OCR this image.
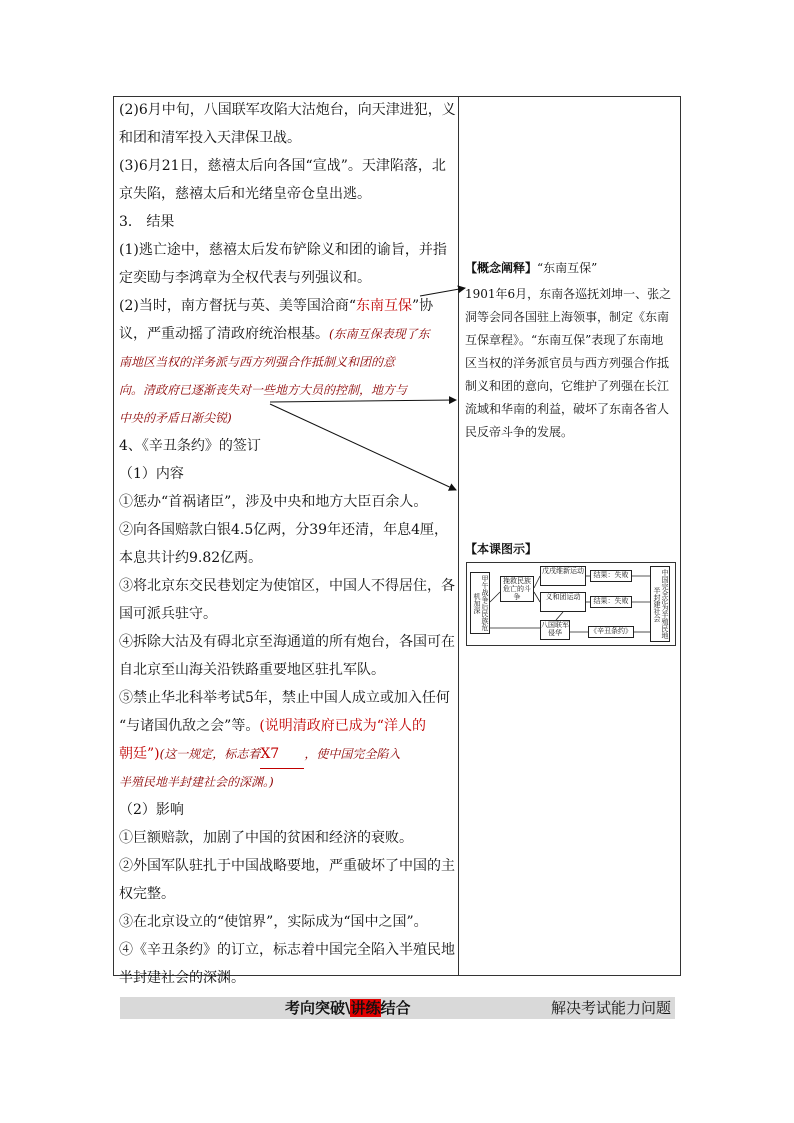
(2)6月中旬，八国联军攻陷大沽炮台，向天津进犯，义
和团和清军投入天津保卫战。
(3)6月21日，慈禧太后向各国“宣战”。天津陷落，北
京失陷，慈禧太后和光绪皇帝仓皇出逃。
3． 结果
(1)逃亡途中，慈禧太后发布铲除义和团的谕旨，并指
定奕劻与李鸿章为全权代表与列强议和。
(2)当时，南方督抚与英、美等国洽商“东南互保”协
议，严重动摇了清政府统治根基。(东南互保表现了东
南地区当权的洋务派与西方列强合作抵制义和团的意
向。清政府已逐渐丧失对一些地方大员的控制，地方与
中央的矛盾日渐尖锐)
4、《辛丑条约》的签订
（1）内容
①惩办“首祸诸臣”，涉及中央和地方大臣百余人。
②向各国赔款白银4.5亿两，分39年还清，年息4厘，
本息共计约9.82亿两。
③将北京东交民巷划定为使馆区，中国人不得居住，各
国可派兵驻守。
④拆除大沽及有碍北京至海通道的所有炮台，各国可在
自北京至山海关沿铁路重要地区驻扎军队。
⑤禁止华北科举考试5年，禁止中国人成立或加入任何
“与诸国仇敌之会”等。(说明清政府已成为“洋人的
朝廷”)(这一规定，标志着X7 ，使中国完全陷入
半殖民地半封建社会的深渊。)
（2）影响
①巨额赔款，加剧了中国的贫困和经济的衰败。
②外国军队驻扎于中国战略要地，严重破坏了中国的主
权完整。
③在北京设立的“使馆界”，实际成为“国中之国”。
④《辛丑条约》的订立，标志着中国完全陷入半殖民地
半封建社会的深渊。
【概念阐释】“东南互保”
1901年6月，东南各巡抚刘坤一、张之
洞等会同各国驻上海领事，制定《东南
互保章程》。“东南互保”表现了东南地
区当权的洋务派官员与西方列强合作抵
制义和团的意向，它维护了列强在长江
流域和华南的利益，破坏了东南各省人
民反帝斗争的发展。
【本课图示】
甲午战争后民族危机加深
挽救民族危亡的斗争
戊戌维新运动
义和团运动
八国联军侵华
结果：失败
结果：失败
《辛丑条约》	中国完全沦为半殖民地半封建社会
考向突破\讲练结合	解决考试能力问题
